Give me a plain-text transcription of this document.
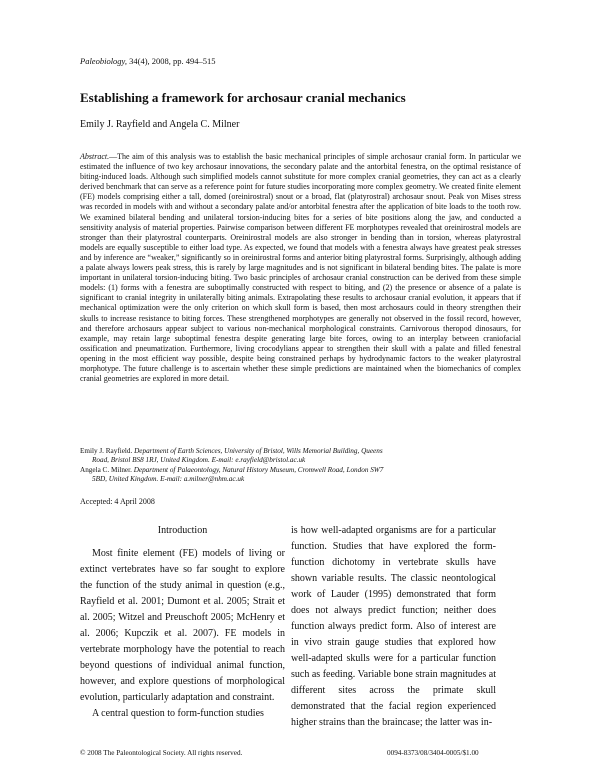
Paleobiology, 34(4), 2008, pp. 494–515
Establishing a framework for archosaur cranial mechanics
Emily J. Rayfield and Angela C. Milner
Abstract.—The aim of this analysis was to establish the basic mechanical principles of simple archosaur cranial form. In particular we estimated the influence of two key archosaur innovations, the secondary palate and the antorbital fenestra, on the optimal resistance of biting-induced loads. Although such simplified models cannot substitute for more complex cranial geometries, they can act as a clearly derived benchmark that can serve as a reference point for future studies incorporating more complex geometry. We created finite element (FE) models comprising either a tall, domed (oreinirostral) snout or a broad, flat (platyrostral) archosaur snout. Peak von Mises stress was recorded in models with and without a secondary palate and/or antorbital fenestra after the application of bite loads to the tooth row. We examined bilateral bending and unilateral torsion-inducing bites for a series of bite positions along the jaw, and conducted a sensitivity analysis of material properties. Pairwise comparison between different FE morphotypes revealed that oreinirostral models are stronger than their platyrostral counterparts. Oreinirostral models are also stronger in bending than in torsion, whereas platyrostral models are equally susceptible to either load type. As expected, we found that models with a fenestra always have greatest peak stresses and by inference are “weaker,” significantly so in oreinirostral forms and anterior biting platyrostral forms. Surprisingly, although adding a palate always lowers peak stress, this is rarely by large magnitudes and is not significant in bilateral bending bites. The palate is more important in unilateral torsion-inducing biting. Two basic principles of archosaur cranial construction can be derived from these simple models: (1) forms with a fenestra are suboptimally constructed with respect to biting, and (2) the presence or absence of a palate is significant to cranial integrity in unilaterally biting animals. Extrapolating these results to archosaur cranial evolution, it appears that if mechanical optimization were the only criterion on which skull form is based, then most archosaurs could in theory strengthen their skulls to increase resistance to biting forces. These strengthened morphotypes are generally not observed in the fossil record, however, and therefore archosaurs appear subject to various non-mechanical morphological constraints. Carnivorous theropod dinosaurs, for example, may retain large suboptimal fenestra despite generating large bite forces, owing to an interplay between craniofacial ossification and pneumatization. Furthermore, living crocodylians appear to strengthen their skull with a palate and filled fenestral opening in the most efficient way possible, despite being constrained perhaps by hydrodynamic factors to the weaker platyrostral morphotype. The future challenge is to ascertain whether these simple predictions are maintained when the biomechanics of complex cranial geometries are explored in more detail.
Emily J. Rayfield. Department of Earth Sciences, University of Bristol, Wills Memorial Building, Queens
Road, Bristol BS8 1RJ, United Kingdom. E-mail: e.rayfield@bristol.ac.uk
Angela C. Milner. Department of Palaeontology, Natural History Museum, Cromwell Road, London SW7
5BD, United Kingdom. E-mail: a.milner@nhm.ac.uk
Accepted: 4 April 2008
Introduction

Most finite element (FE) models of living or extinct vertebrates have so far sought to explore the function of the study animal in question (e.g., Rayfield et al. 2001; Dumont et al. 2005; Strait et al. 2005; Witzel and Preuschoft 2005; McHenry et al. 2006; Kupczik et al. 2007). FE models in vertebrate morphology have the potential to reach beyond questions of individual animal function, however, and explore questions of morphological evolution, particularly adaptation and constraint.

A central question to form-function studies

is how well-adapted organisms are for a particular function. Studies that have explored the form-function dichotomy in vertebrate skulls have shown variable results. The classic neontological work of Lauder (1995) demonstrated that form does not always predict function; neither does function always predict form. Also of interest are in vivo strain gauge studies that explored how well-adapted skulls were for a particular function such as feeding. Variable bone strain magnitudes at different sites across the primate skull demonstrated that the facial region experienced higher strains than the braincase; the latter was in-

© 2008 The Paleontological Society. All rights reserved.	0094-8373/08/3404-0005/$1.00
